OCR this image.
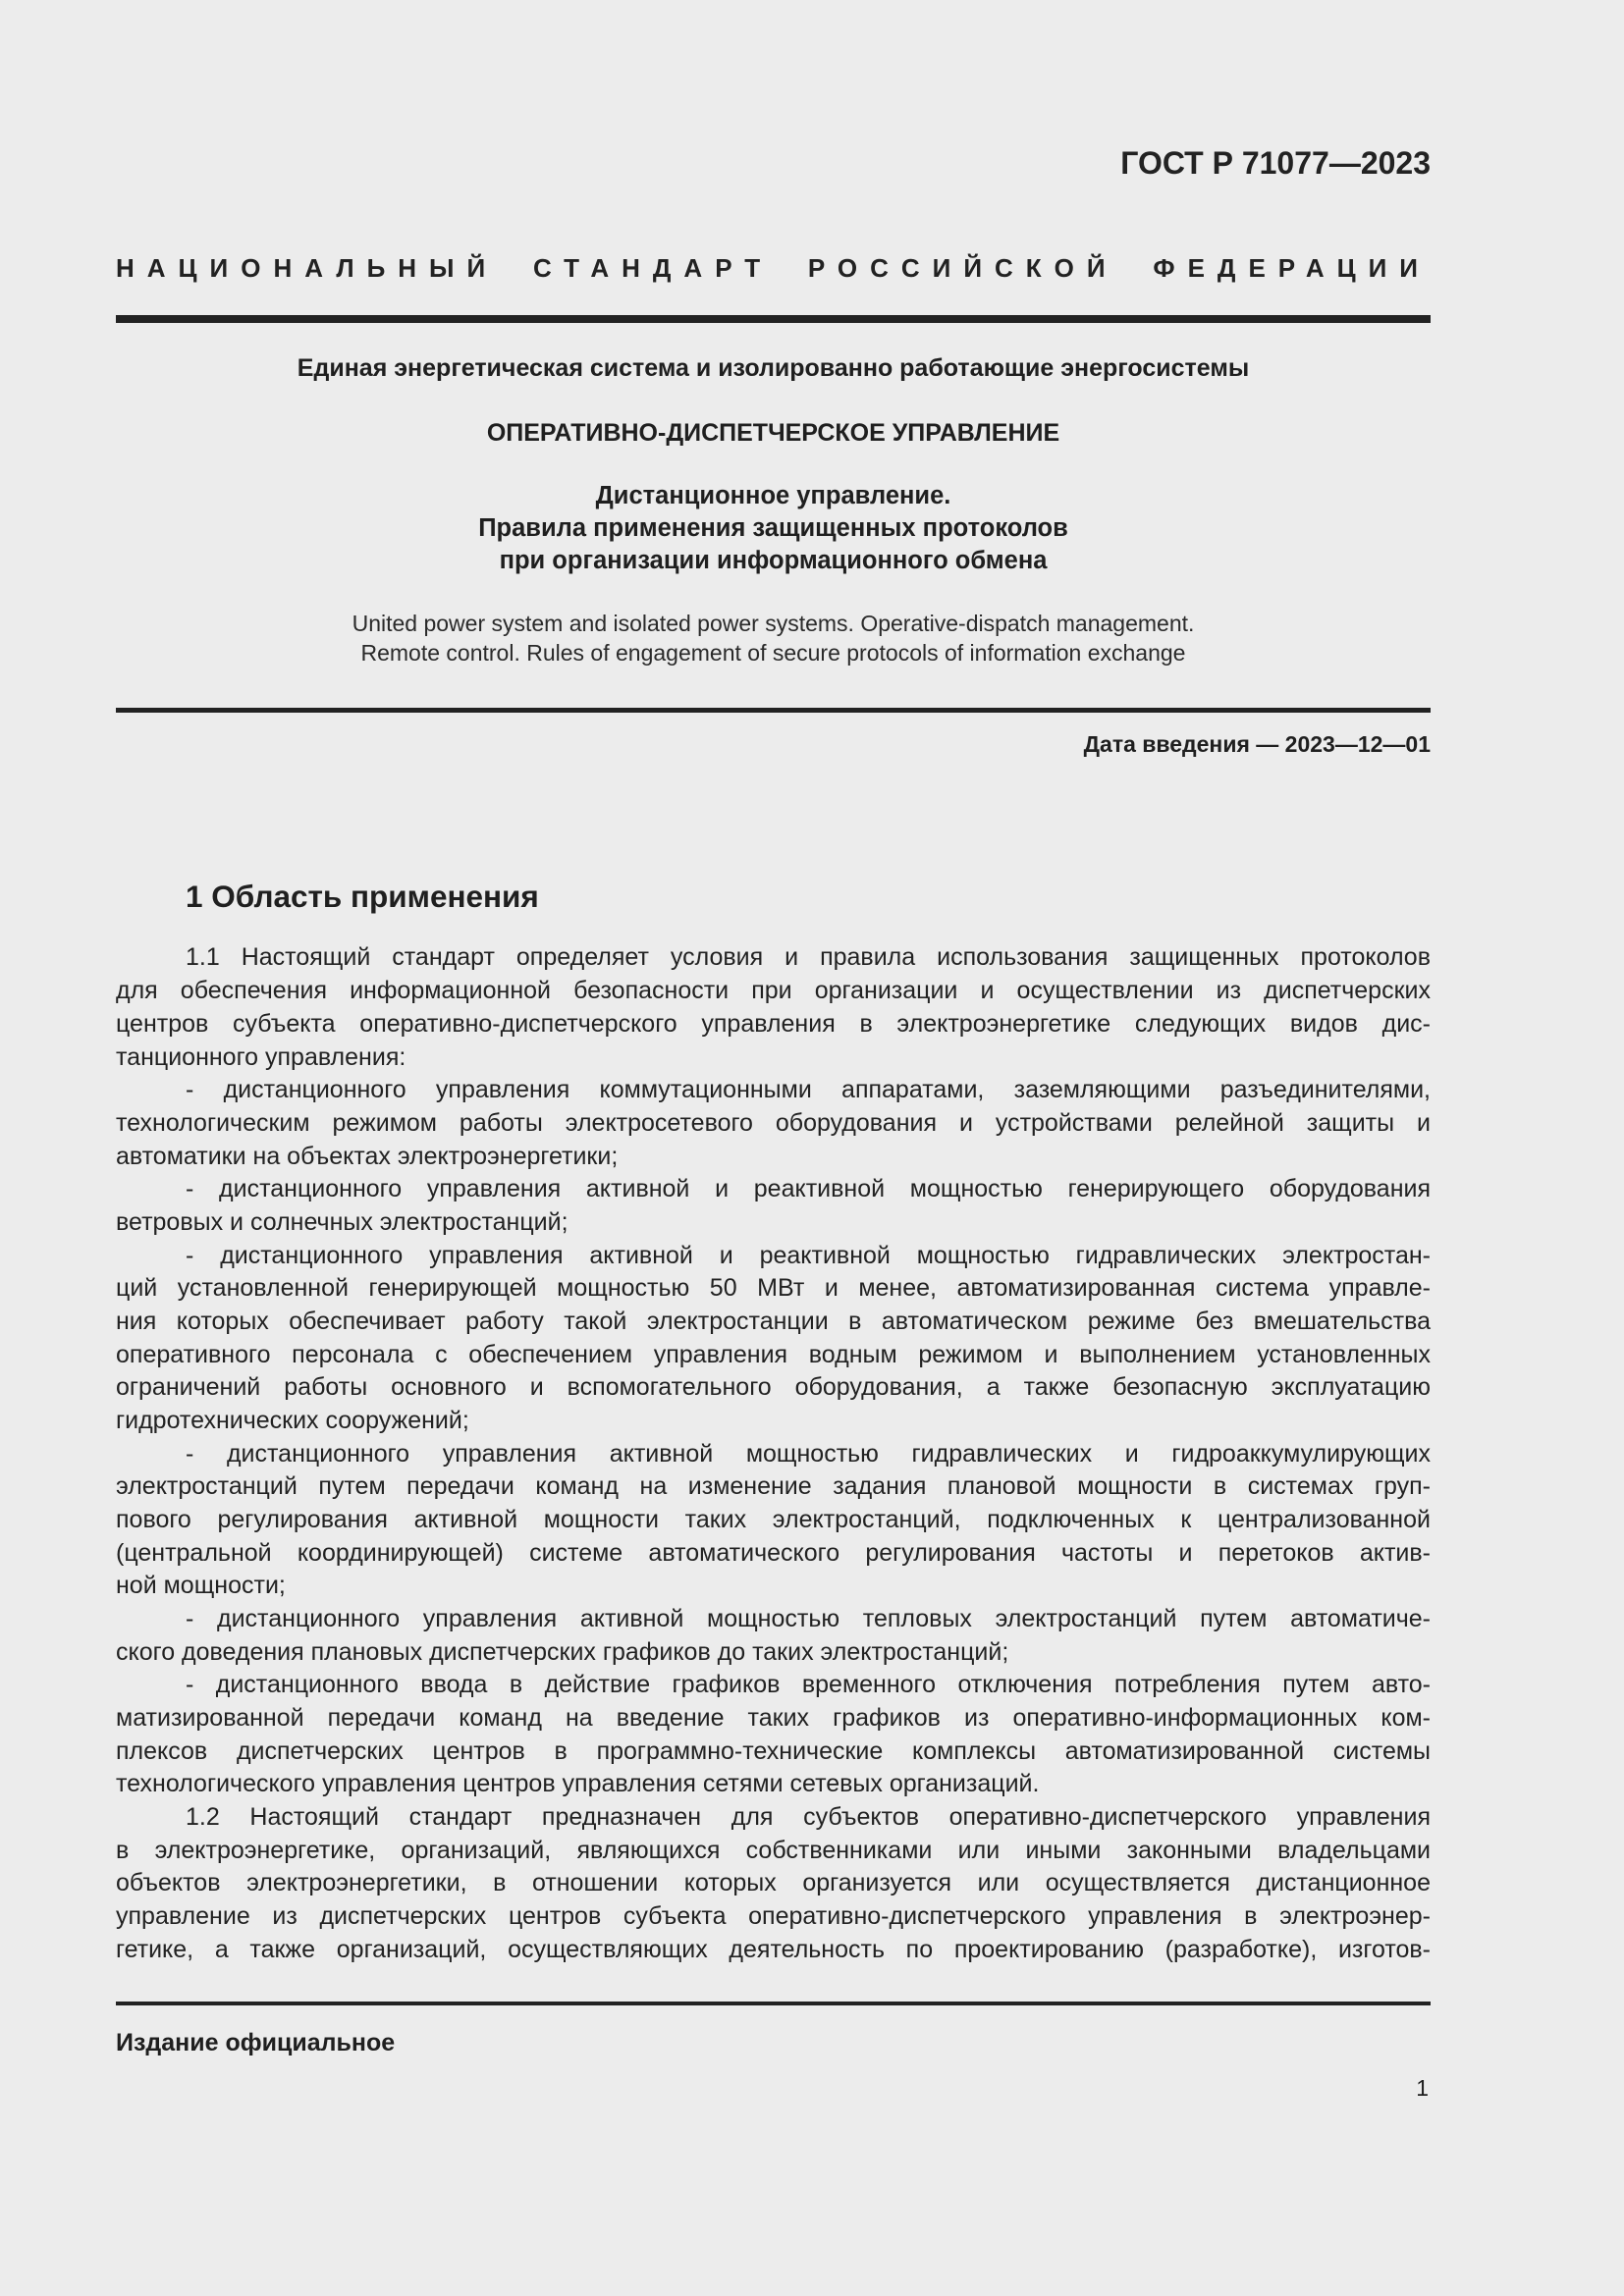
ГОСТ Р 71077—2023
НАЦИОНАЛЬНЫЙ СТАНДАРТ РОССИЙСКОЙ ФЕДЕРАЦИИ
Единая энергетическая система и изолированно работающие энергосистемы
ОПЕРАТИВНО-ДИСПЕТЧЕРСКОЕ УПРАВЛЕНИЕ
Дистанционное управление.
Правила применения защищенных протоколов
при организации информационного обмена
United power system and isolated power systems. Operative-dispatch management.
Remote control. Rules of engagement of secure protocols of information exchange
Дата введения — 2023—12—01
1 Область применения
1.1 Настоящий стандарт определяет условия и правила использования защищенных протоколов
для обеспечения информационной безопасности при организации и осуществлении из диспетчерских
центров субъекта оперативно-диспетчерского управления в электроэнергетике следующих видов дис-
танционного управления:
- дистанционного управления коммутационными аппаратами, заземляющими разъединителями,
технологическим режимом работы электросетевого оборудования и устройствами релейной защиты и
автоматики на объектах электроэнергетики;
- дистанционного управления активной и реактивной мощностью генерирующего оборудования
ветровых и солнечных электростанций;
- дистанционного управления активной и реактивной мощностью гидравлических электростан-
ций установленной генерирующей мощностью 50 МВт и менее, автоматизированная система управле-
ния которых обеспечивает работу такой электростанции в автоматическом режиме без вмешательства
оперативного персонала с обеспечением управления водным режимом и выполнением установленных
ограничений работы основного и вспомогательного оборудования, а также безопасную эксплуатацию
гидротехнических сооружений;
- дистанционного управления активной мощностью гидравлических и гидроаккумулирующих
электростанций путем передачи команд на изменение задания плановой мощности в системах груп-
пового регулирования активной мощности таких электростанций, подключенных к централизованной
(центральной координирующей) системе автоматического регулирования частоты и перетоков актив-
ной мощности;
- дистанционного управления активной мощностью тепловых электростанций путем автоматиче-
ского доведения плановых диспетчерских графиков до таких электростанций;
- дистанционного ввода в действие графиков временного отключения потребления путем авто-
матизированной передачи команд на введение таких графиков из оперативно-информационных ком-
плексов диспетчерских центров в программно-технические комплексы автоматизированной системы
технологического управления центров управления сетями сетевых организаций.
1.2 Настоящий стандарт предназначен для субъектов оперативно-диспетчерского управления
в электроэнергетике, организаций, являющихся собственниками или иными законными владельцами
объектов электроэнергетики, в отношении которых организуется или осуществляется дистанционное
управление из диспетчерских центров субъекта оперативно-диспетчерского управления в электроэнер-
гетике, а также организаций, осуществляющих деятельность по проектированию (разработке), изготов-
Издание официальное
1
